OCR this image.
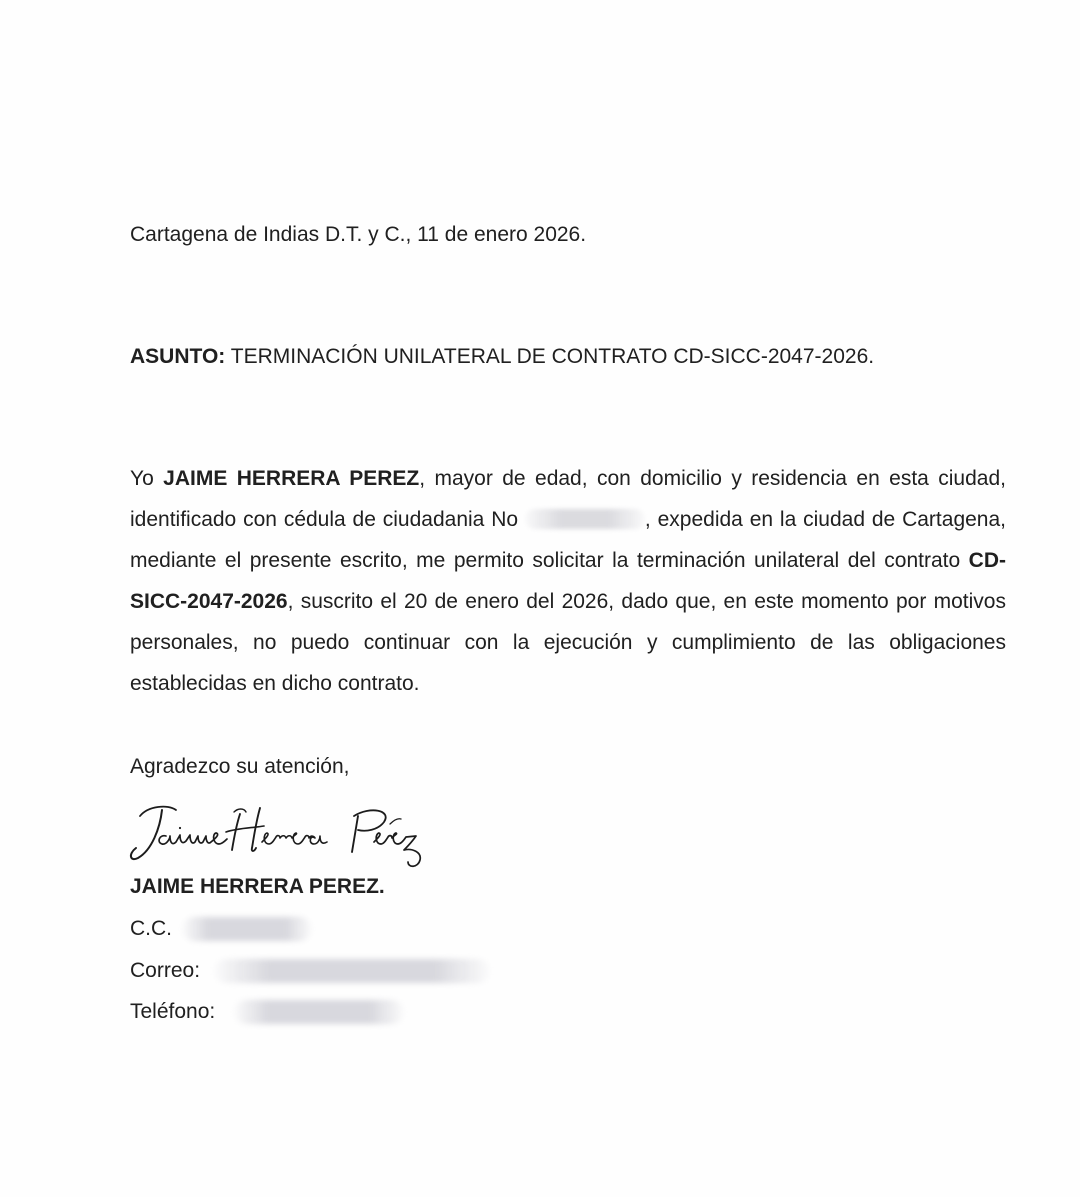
Cartagena de Indias D.T. y C., 11 de enero 2026.

ASUNTO: TERMINACIÓN UNILATERAL DE CONTRATO CD-SICC-2047-2026.

Yo JAIME HERRERA PEREZ, mayor de edad, con domicilio y residencia en esta ciudad, identificado con cédula de ciudadania No	, expedida en la ciudad de Cartagena, mediante el presente escrito, me permito solicitar la terminación unilateral del contrato CD-SICC-2047-2026, suscrito el 20 de enero del 2026, dado que, en este momento por motivos personales, no puedo continuar con la ejecución y cumplimiento de las obligaciones establecidas en dicho contrato.

Agradezco su atención,

JAIME HERRERA PEREZ.

C.C.

Correo:

Teléfono:
